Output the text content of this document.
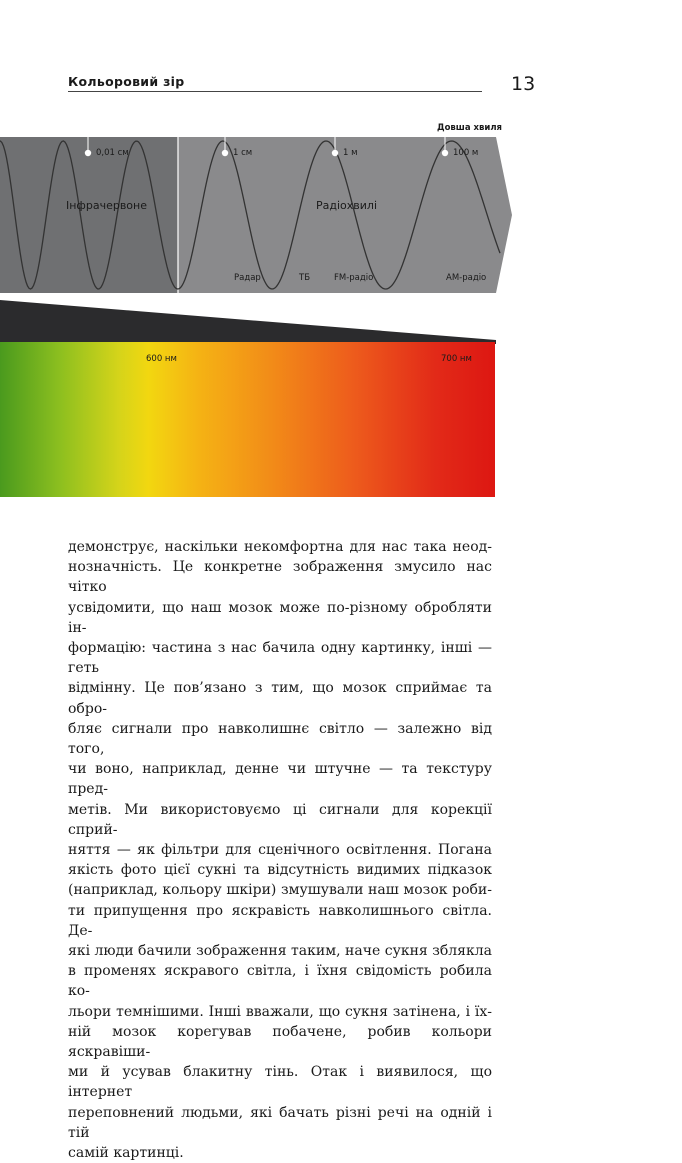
Кольоровий зір	13
Довша хвиля
0,01 см	1 см	1 м	100 м
Інфрачервоне	Радіохвилі
Радар	ТБ	FM-радіо	AM-радіо
600 нм	700 нм
демонструє, наскільки некомфортна для нас така неод-
нозначність. Це конкретне зображення змусило нас чітко
усвідомити, що наш мозок може по-різному обробляти ін-
формацію: частина з нас бачила одну картинку, інші — геть
відмінну. Це пов’язано з тим, що мозок сприймає та обро-
бляє сигнали про навколишнє світло — залежно від того,
чи воно, наприклад, денне чи штучне — та текстуру пред-
метів. Ми використовуємо ці сигнали для корекції сприй-
няття — як фільтри для сценічного освітлення. Погана
якість фото цієї сукні та відсутність видимих підказок
(наприклад, кольору шкіри) змушували наш мозок роби-
ти припущення про яскравість навколишнього світла. Де-
які люди бачили зображення таким, наче сукня зблякла
в променях яскравого світла, і їхня свідомість робила ко-
льори темнішими. Інші вважали, що сукня затінена, і їх-
ній мозок корегував побачене, робив кольори яскравіши-
ми й усував блакитну тінь. Отак і виявилося, що інтернет
переповнений людьми, які бачать різні речі на одній і тій
самій картинці.
